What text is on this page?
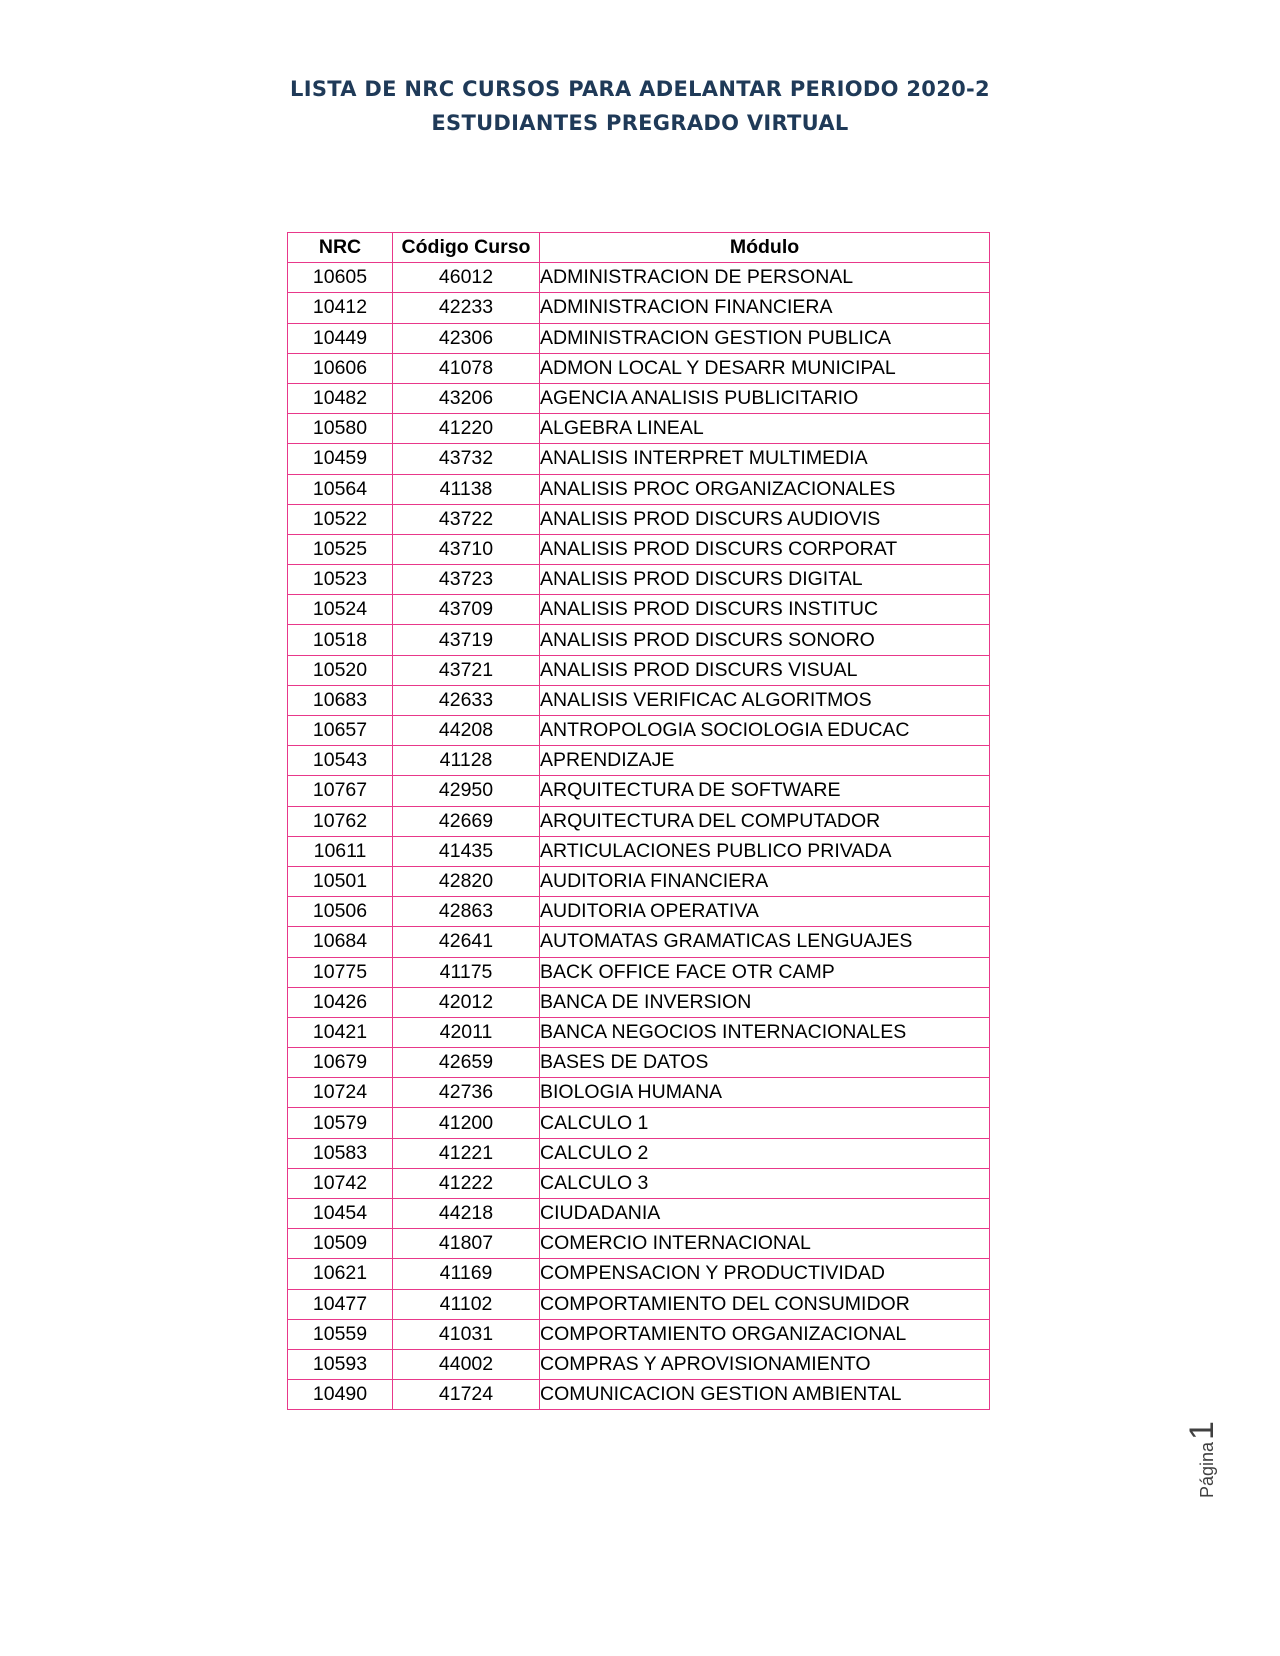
LISTA DE NRC CURSOS PARA ADELANTAR PERIODO 2020-2
ESTUDIANTES PREGRADO VIRTUAL
NRC	Código Curso	Módulo
10605	46012	ADMINISTRACION DE PERSONAL
10412	42233	ADMINISTRACION FINANCIERA
10449	42306	ADMINISTRACION GESTION PUBLICA
10606	41078	ADMON LOCAL Y DESARR MUNICIPAL
10482	43206	AGENCIA ANALISIS PUBLICITARIO
10580	41220	ALGEBRA LINEAL
10459	43732	ANALISIS INTERPRET MULTIMEDIA
10564	41138	ANALISIS PROC ORGANIZACIONALES
10522	43722	ANALISIS PROD DISCURS AUDIOVIS
10525	43710	ANALISIS PROD DISCURS CORPORAT
10523	43723	ANALISIS PROD DISCURS DIGITAL
10524	43709	ANALISIS PROD DISCURS INSTITUC
10518	43719	ANALISIS PROD DISCURS SONORO
10520	43721	ANALISIS PROD DISCURS VISUAL
10683	42633	ANALISIS VERIFICAC ALGORITMOS
10657	44208	ANTROPOLOGIA SOCIOLOGIA EDUCAC
10543	41128	APRENDIZAJE
10767	42950	ARQUITECTURA DE SOFTWARE
10762	42669	ARQUITECTURA DEL COMPUTADOR
10611	41435	ARTICULACIONES PUBLICO PRIVADA
10501	42820	AUDITORIA FINANCIERA
10506	42863	AUDITORIA OPERATIVA
10684	42641	AUTOMATAS GRAMATICAS LENGUAJES
10775	41175	BACK OFFICE FACE OTR CAMP
10426	42012	BANCA DE INVERSION
10421	42011	BANCA NEGOCIOS INTERNACIONALES
10679	42659	BASES DE DATOS
10724	42736	BIOLOGIA HUMANA
10579	41200	CALCULO 1
10583	41221	CALCULO 2
10742	41222	CALCULO 3
10454	44218	CIUDADANIA
10509	41807	COMERCIO INTERNACIONAL
10621	41169	COMPENSACION Y PRODUCTIVIDAD
10477	41102	COMPORTAMIENTO DEL CONSUMIDOR
10559	41031	COMPORTAMIENTO ORGANIZACIONAL
10593	44002	COMPRAS Y APROVISIONAMIENTO
10490	41724	COMUNICACION GESTION AMBIENTAL
Página1
